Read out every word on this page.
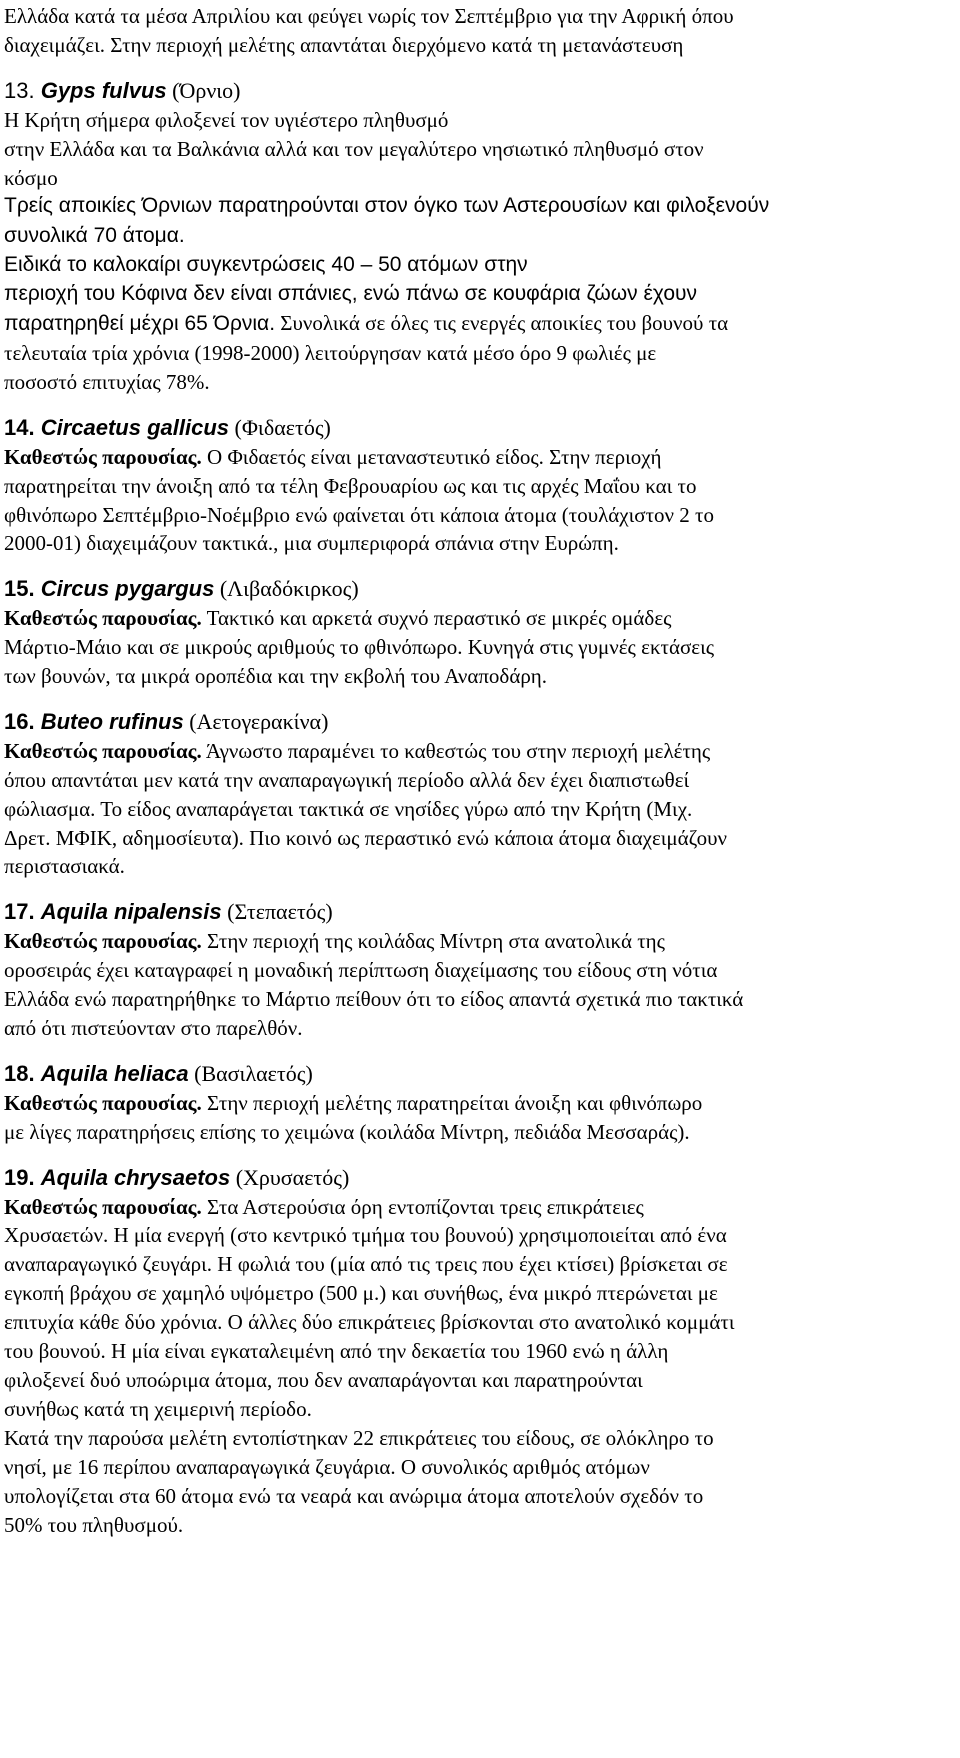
Ελλάδα κατά τα μέσα Απριλίου και φεύγει νωρίς τον Σεπτέμβριο για την Αφρική όπου

διαχειμάζει. Στην περιοχή μελέτης απαντάται διερχόμενο κατά τη μετανάστευση

13. Gyps fulvus (Όρνιο)

Η Κρήτη σήμερα φιλοξενεί τον υγιέστερο πληθυσμό

στην Ελλάδα και τα Βαλκάνια αλλά και τον μεγαλύτερο νησιωτικό πληθυσμό στον

κόσμο

Τρείς αποικίες Όρνιων παρατηρούνται στον όγκο των Αστερουσίων και φιλοξενούν

συνολικά 70 άτομα.

Ειδικά το καλοκαίρι συγκεντρώσεις 40 – 50 ατόμων στην

περιοχή του Κόφινα δεν είναι σπάνιες, ενώ πάνω σε κουφάρια ζώων έχουν

παρατηρηθεί μέχρι 65 Όρνια. Συνολικά σε όλες τις ενεργές αποικίες του βουνού τα

τελευταία τρία χρόνια (1998-2000) λειτούργησαν κατά μέσο όρο 9 φωλιές με

ποσοστό επιτυχίας 78%.

14. Circaetus gallicus (Φιδαετός)

Καθεστώς παρουσίας. Ο Φιδαετός είναι μεταναστευτικό είδος. Στην περιοχή

παρατηρείται την άνοιξη από τα τέλη Φεβρουαρίου ως και τις αρχές Μαΐου και το

φθινόπωρο Σεπτέμβριο-Νοέμβριο ενώ φαίνεται ότι κάποια άτομα (τουλάχιστον 2 το

2000-01) διαχειμάζουν τακτικά., μια συμπεριφορά σπάνια στην Ευρώπη.

15. Circus pygargus (Λιβαδόκιρκος)

Καθεστώς παρουσίας. Τακτικό και αρκετά συχνό περαστικό σε μικρές ομάδες

Μάρτιο-Μάιο και σε μικρούς αριθμούς το φθινόπωρο. Κυνηγά στις γυμνές εκτάσεις

των βουνών, τα μικρά οροπέδια και την εκβολή του Αναποδάρη.

16. Buteo rufinus (Αετογερακίνα)

Καθεστώς παρουσίας. Άγνωστο παραμένει το καθεστώς του στην περιοχή μελέτης

όπου απαντάται μεν κατά την αναπαραγωγική περίοδο αλλά δεν έχει διαπιστωθεί

φώλιασμα. Το είδος αναπαράγεται τακτικά σε νησίδες γύρω από την Κρήτη (Μιχ.

Δρετ. ΜΦΙΚ, αδημοσίευτα). Πιο κοινό ως περαστικό ενώ κάποια άτομα διαχειμάζουν

περιστασιακά.

17. Aquila nipalensis (Στεπαετός)

Καθεστώς παρουσίας. Στην περιοχή της κοιλάδας Μίντρη στα ανατολικά της

οροσειράς έχει καταγραφεί η μοναδική περίπτωση διαχείμασης του είδους στη νότια

Ελλάδα ενώ παρατηρήθηκε το Μάρτιο πείθουν ότι το είδος απαντά σχετικά πιο τακτικά

από ότι πιστεύονταν στο παρελθόν.

18. Aquila heliaca (Βασιλαετός)

Καθεστώς παρουσίας. Στην περιοχή μελέτης παρατηρείται άνοιξη και φθινόπωρο

με λίγες παρατηρήσεις επίσης το χειμώνα (κοιλάδα Μίντρη, πεδιάδα Μεσσαράς).

19. Aquila chrysaetos (Χρυσαετός)

Καθεστώς παρουσίας. Στα Αστερούσια όρη εντοπίζονται τρεις επικράτειες

Χρυσαετών. Η μία ενεργή (στο κεντρικό τμήμα του βουνού) χρησιμοποιείται από ένα

αναπαραγωγικό ζευγάρι. Η φωλιά του (μία από τις τρεις που έχει κτίσει) βρίσκεται σε

εγκοπή βράχου σε χαμηλό υψόμετρο (500 μ.) και συνήθως, ένα μικρό πτερώνεται με

επιτυχία κάθε δύο χρόνια. Ο άλλες δύο επικράτειες βρίσκονται στο ανατολικό κομμάτι

του βουνού. Η μία είναι εγκαταλειμένη από την δεκαετία του 1960 ενώ η άλλη

φιλοξενεί δυό υποώριμα άτομα, που δεν αναπαράγονται και παρατηρούνται

συνήθως κατά τη χειμερινή περίοδο.

Κατά την παρούσα μελέτη εντοπίστηκαν 22 επικράτειες του είδους, σε ολόκληρο το

νησί, με 16 περίπου αναπαραγωγικά ζευγάρια. Ο συνολικός αριθμός ατόμων

υπολογίζεται στα 60 άτομα ενώ τα νεαρά και ανώριμα άτομα αποτελούν σχεδόν το

50% του πληθυσμού.
